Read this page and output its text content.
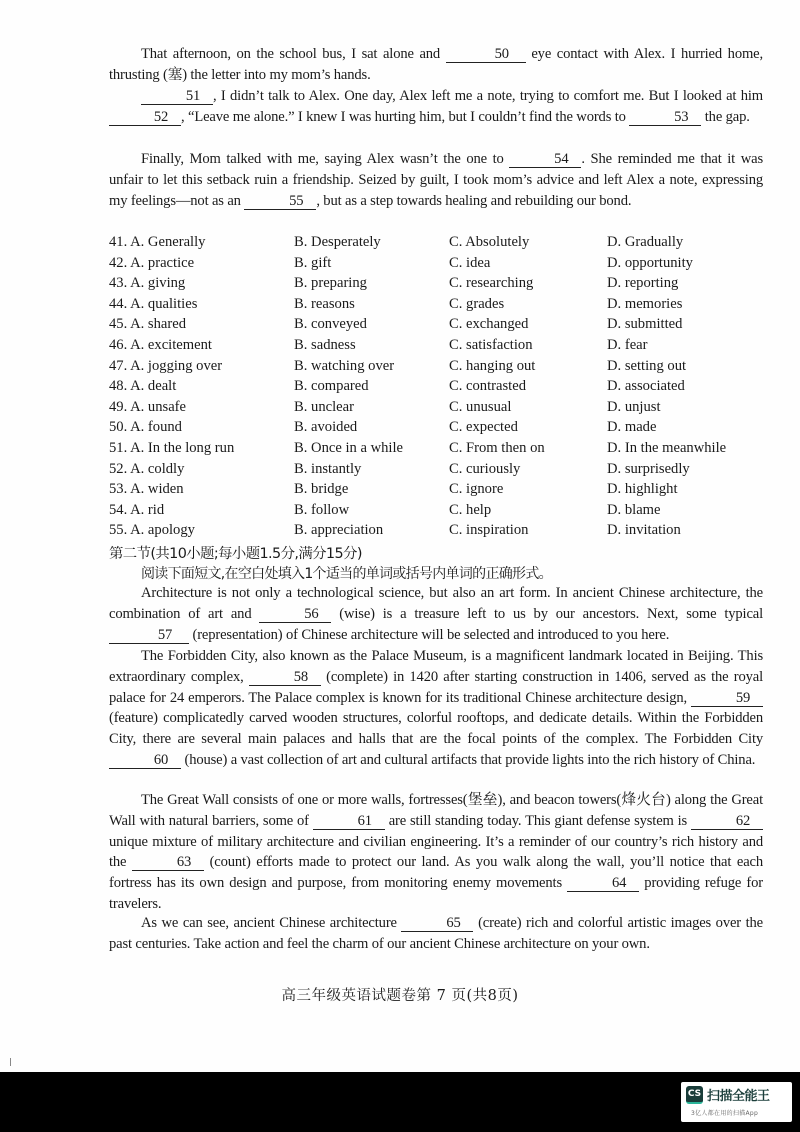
That afternoon, on the school bus, I sat alone and	50 eye contact with Alex. I hurried home, thrusting (塞) the letter into my mom’s hands.
51 , I didn’t talk to Alex. One day, Alex left me a note, trying to comfort me. But I looked at him 52 , “Leave me alone.” I knew I was hurting him, but I couldn’t find the words to	53 the gap.
Finally, Mom talked with me, saying Alex wasn’t the one to	54 . She reminded me that it was unfair to let this setback ruin a friendship. Seized by guilt, I took mom’s advice and left Alex a note, expressing my feelings—not as an	55 , but as a step towards healing and rebuilding our bond.
41. A. Generally	B. Desperately	C. Absolutely	D. Gradually
42. A. practice	B. gift	C. idea	D. opportunity
43. A. giving	B. preparing	C. researching	D. reporting
44. A. qualities	B. reasons	C. grades	D. memories
45. A. shared	B. conveyed	C. exchanged	D. submitted
46. A. excitement	B. sadness	C. satisfaction	D. fear
47. A. jogging over	B. watching over	C. hanging out	D. setting out
48. A. dealt	B. compared	C. contrasted	D. associated
49. A. unsafe	B. unclear	C. unusual	D. unjust
50. A. found	B. avoided	C. expected	D. made
51. A. In the long run	B. Once in a while	C. From then on	D. In the meanwhile
52. A. coldly	B. instantly	C. curiously	D. surprisedly
53. A. widen	B. bridge	C. ignore	D. highlight
54. A. rid	B. follow	C. help	D. blame
55. A. apology	B. appreciation	C. inspiration	D. invitation
第二节(共10小题;每小题1.5分,满分15分)
阅读下面短文,在空白处填入1个适当的单词或括号内单词的正确形式。
Architecture is not only a technological science, but also an art form. In ancient Chinese architecture, the combination of art and	56 (wise) is a treasure left to us by our ancestors. Next, some typical 57 (representation) of Chinese architecture will be selected and introduced to you here.
The Forbidden City, also known as the Palace Museum, is a magnificent landmark located in Beijing. This extraordinary complex,	58 (complete) in 1420 after starting construction in 1406, served as the royal palace for 24 emperors. The Palace complex is known for its traditional Chinese architecture design,	59 (feature) complicatedly carved wooden structures, colorful rooftops, and dedicate details. Within the Forbidden City, there are several main palaces and halls that are the focal points of the complex. The Forbidden City 60 (house) a vast collection of art and cultural artifacts that provide lights into the rich history of China.
The Great Wall consists of one or more walls, fortresses(堡垒), and beacon towers(烽火台) along the Great Wall with natural barriers, some of	61 are still standing today. This giant defense system is	62 unique mixture of military architecture and civilian engineering. It’s a reminder of our country’s rich history and the	63 (count) efforts made to protect our land. As you walk along the wall, you’ll notice that each fortress has its own design and purpose, from monitoring enemy movements	64 providing refuge for travelers.
As we can see, ancient Chinese architecture	65 (create) rich and colorful artistic images over the past centuries. Take action and feel the charm of our ancient Chinese architecture on your own.
高三年级英语试题卷第 7 页(共8页)
CS 扫描全能王
3亿人都在用的扫描App
